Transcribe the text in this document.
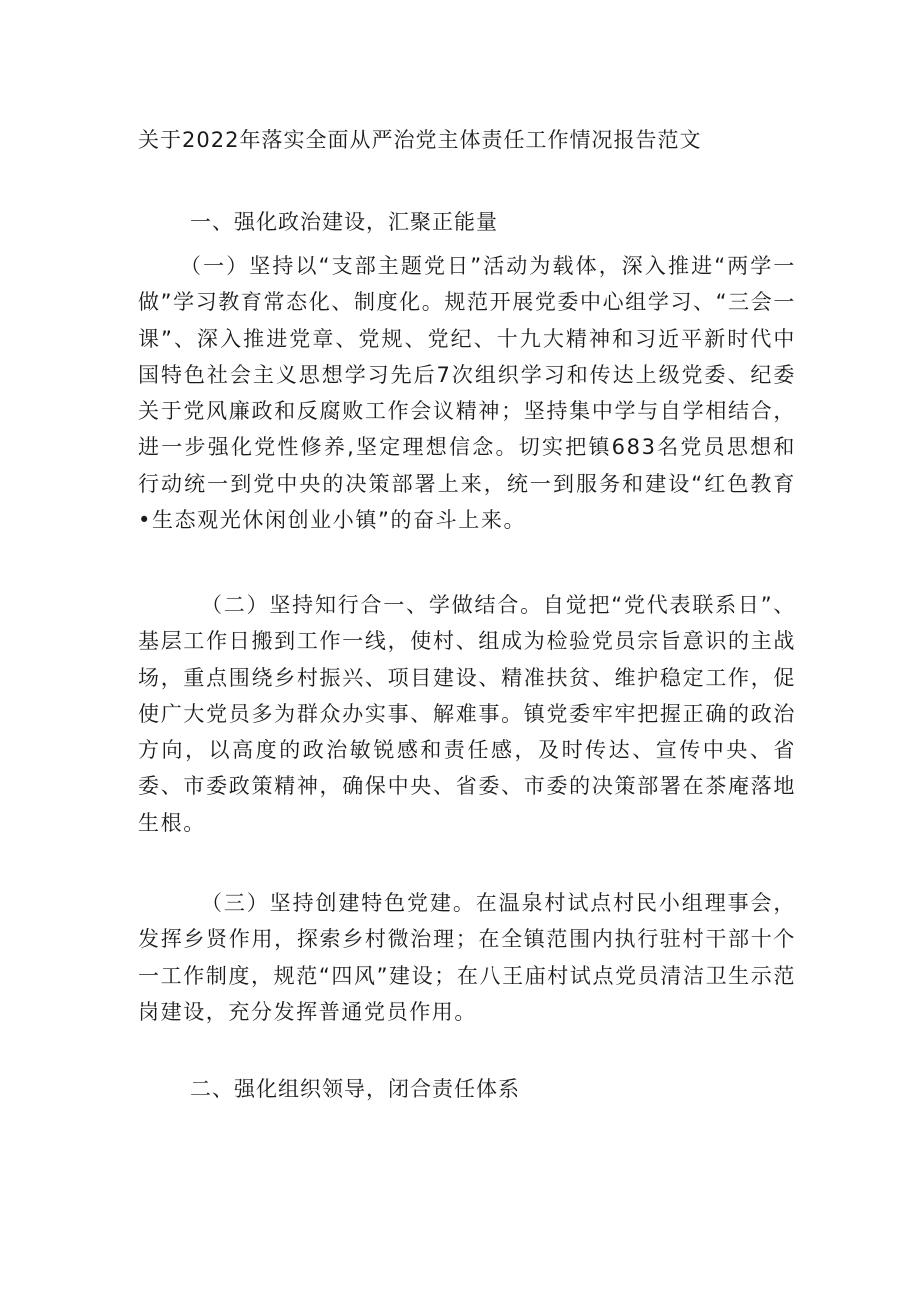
关于2022年落实全面从严治党主体责任工作情况报告范文
一、强化政治建设，汇聚正能量

（一）坚持以“支部主题党日”活动为载体，深入推进“两学一做”学习教育常态化、制度化。规范开展党委中心组学习、“三会一课”、深入推进党章、党规、党纪、十九大精神和习近平新时代中国特色社会主义思想学习先后7次组织学习和传达上级党委、纪委关于党风廉政和反腐败工作会议精神；坚持集中学与自学相结合，进一步强化党性修养,坚定理想信念。切实把镇683名党员思想和行动统一到党中央的决策部署上来，统一到服务和建设“红色教育•生态观光休闲创业小镇”的奋斗上来。

（二）坚持知行合一、学做结合。自觉把“党代表联系日”、基层工作日搬到工作一线，使村、组成为检验党员宗旨意识的主战场，重点围绕乡村振兴、项目建设、精准扶贫、维护稳定工作，促使广大党员多为群众办实事、解难事。镇党委牢牢把握正确的政治方向，以高度的政治敏锐感和责任感，及时传达、宣传中央、省委、市委政策精神，确保中央、省委、市委的决策部署在茶庵落地生根。

（三）坚持创建特色党建。在温泉村试点村民小组理事会，发挥乡贤作用，探索乡村微治理；在全镇范围内执行驻村干部十个一工作制度，规范“四风”建设；在八王庙村试点党员清洁卫生示范岗建设，充分发挥普通党员作用。

二、强化组织领导，闭合责任体系
